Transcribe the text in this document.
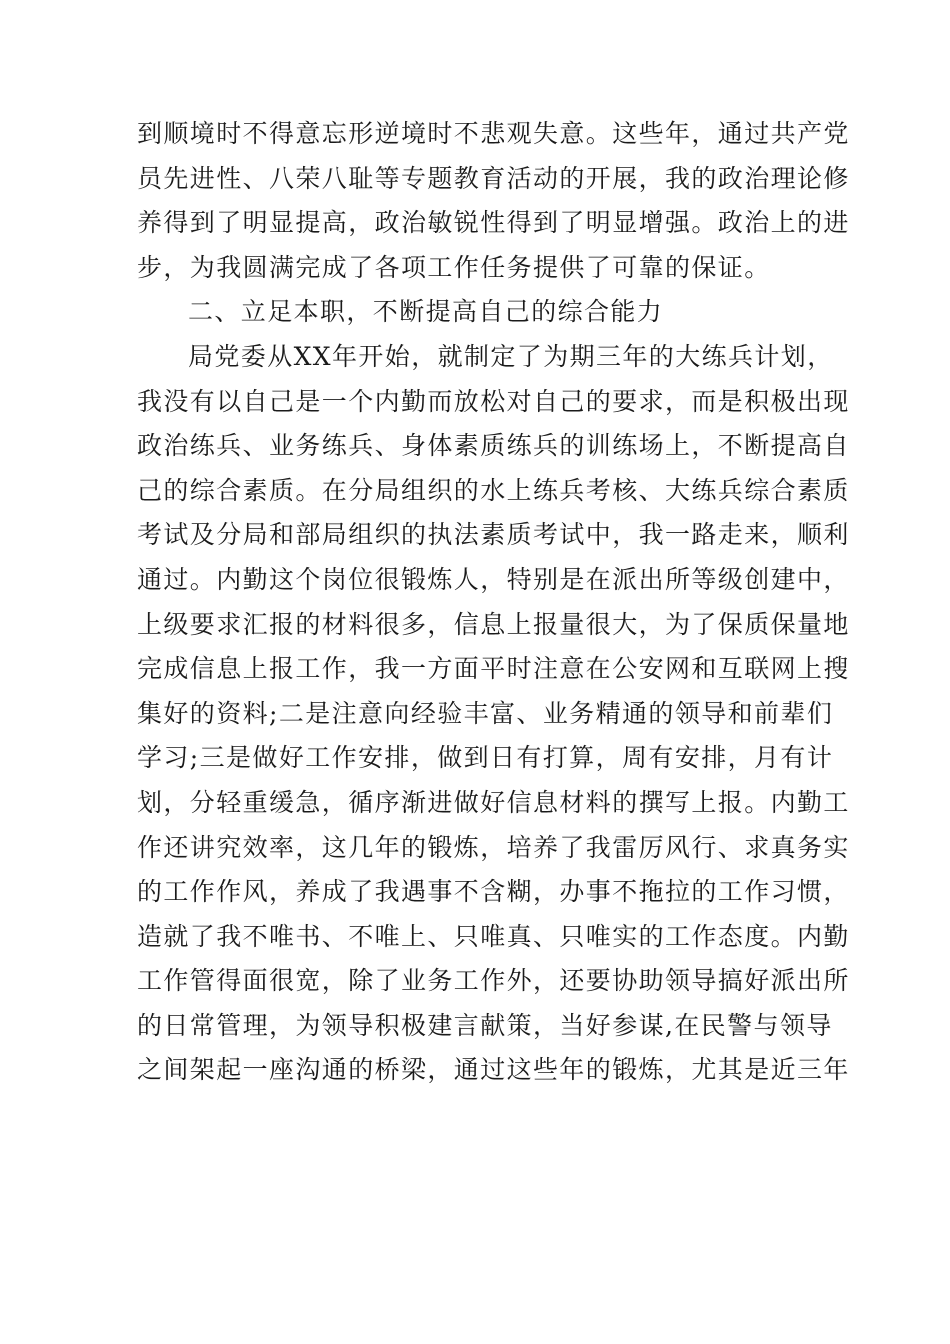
到顺境时不得意忘形逆境时不悲观失意。这些年，通过共产党
员先进性、八荣八耻等专题教育活动的开展，我的政治理论修
养得到了明显提高，政治敏锐性得到了明显增强。政治上的进
步，为我圆满完成了各项工作任务提供了可靠的保证。
二、立足本职，不断提高自己的综合能力
局党委从XX年开始，就制定了为期三年的大练兵计划，
我没有以自己是一个内勤而放松对自己的要求，而是积极出现
政治练兵、业务练兵、身体素质练兵的训练场上，不断提高自
己的综合素质。在分局组织的水上练兵考核、大练兵综合素质
考试及分局和部局组织的执法素质考试中，我一路走来，顺利
通过。内勤这个岗位很锻炼人，特别是在派出所等级创建中，
上级要求汇报的材料很多，信息上报量很大，为了保质保量地
完成信息上报工作，我一方面平时注意在公安网和互联网上搜
集好的资料;二是注意向经验丰富、业务精通的领导和前辈们
学习;三是做好工作安排，做到日有打算，周有安排，月有计
划，分轻重缓急，循序渐进做好信息材料的撰写上报。内勤工
作还讲究效率，这几年的锻炼，培养了我雷厉风行、求真务实
的工作作风，养成了我遇事不含糊，办事不拖拉的工作习惯，
造就了我不唯书、不唯上、只唯真、只唯实的工作态度。内勤
工作管得面很宽，除了业务工作外，还要协助领导搞好派出所
的日常管理，为领导积极建言献策，当好参谋,在民警与领导
之间架起一座沟通的桥梁，通过这些年的锻炼，尤其是近三年
